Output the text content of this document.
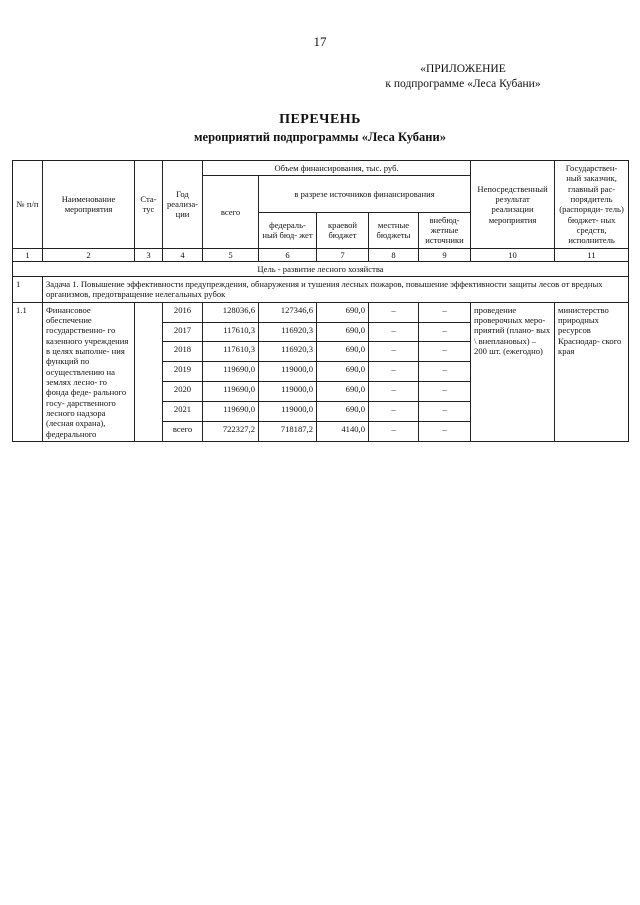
17
«ПРИЛОЖЕНИЕ
к подпрограмме «Леса Кубани»
ПЕРЕЧЕНЬ
мероприятий подпрограммы «Леса Кубани»
№ п/п	Наименование мероприятия	Ста- тус	Год реализа- ции	Объем финансирования, тыс. руб.					Непосредственный результат реализации мероприятия	Государствен- ный заказчик, главный рас- порядитель (распоряди- тель) бюджет- ных средств, исполнитель
				всего	в разрезе источников финансирования					
					федераль- ный бюд- жет	краевой бюджет	местные бюджеты	внебюд- жетные источники		
1	2	3	4	5	6	7	8	9	10	11
Цель - развитие лесного хозяйства										
1	Задача 1. Повышение эффективности предупреждения, обнаружения и тушения лесных пожаров, повышение эффективности защиты лесов от вредных организмов, предотвращение нелегальных рубок									
1.1	Финансовое обеспечение государственно- го казенного учреждения в целях выполне- ния функций по осуществлению на землях лесно- го фонда феде- рального госу- дарственного лесного надзора (лесная охрана), федерального		2016	128036,6	127346,6	690,0	–	–	проведение проверочных меро- приятий (плано- вых \ внеплановых) – 200 шт. (ежегодно)	министерство природных ресурсов Краснодар- ского края
			2017	117610,3	116920,3	690,0	–	–		
			2018	117610,3	116920,3	690,0	–	–		
			2019	119690,0	119000,0	690,0	–	–		
			2020	119690,0	119000,0	690,0	–	–		
			2021	119690,0	119000,0	690,0	–	–		
			всего	722327,2	718187,2	4140,0	–	–		
